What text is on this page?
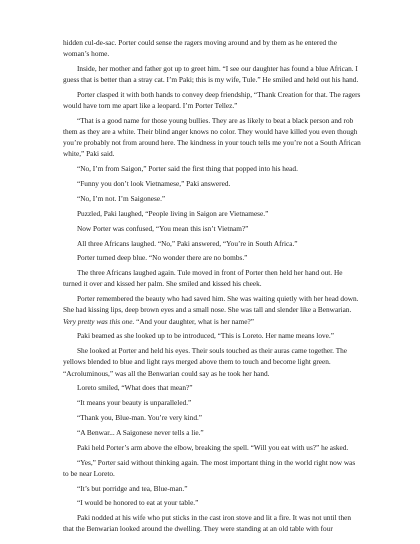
hidden cul-de-sac. Porter could sense the ragers moving around and by them as he entered the woman’s home.

Inside, her mother and father got up to greet him. “I see our daughter has found a blue African. I guess that is better than a stray cat. I’m Paki; this is my wife, Tule.” He smiled and held out his hand.

Porter clasped it with both hands to convey deep friendship, “Thank Creation for that. The ragers would have torn me apart like a leopard. I’m Porter Tellez.”

“That is a good name for those young bullies. They are as likely to beat a black person and rob them as they are a white. Their blind anger knows no color. They would have killed you even though you’re probably not from around here. The kindness in your touch tells me you’re not a South African white,” Paki said.

“No, I’m from Saigon,” Porter said the first thing that popped into his head.

“Funny you don’t look Vietnamese,” Paki answered.

“No, I’m not. I’m Saigonese.”

Puzzled, Paki laughed, “People living in Saigon are Vietnamese.”

Now Porter was confused, “You mean this isn’t Vietnam?”

All three Africans laughed. “No,” Paki answered, “You’re in South Africa.”

Porter turned deep blue. “No wonder there are no bombs.”

The three Africans laughed again. Tule moved in front of Porter then held her hand out. He turned it over and kissed her palm. She smiled and kissed his cheek.

Porter remembered the beauty who had saved him. She was waiting quietly with her head down. She had kissing lips, deep brown eyes and a small nose. She was tall and slender like a Benwarian. Very pretty was this one. “And your daughter, what is her name?”

Paki beamed as she looked up to be introduced, “This is Loreto. Her name means love.”

She looked at Porter and held his eyes. Their souls touched as their auras came together. The yellows blended to blue and light rays merged above them to touch and become light green. “Acroluminous,” was all the Benwarian could say as he took her hand.

Loreto smiled, “What does that mean?”

“It means your beauty is unparalleled.”

“Thank you, Blue-man. You’re very kind.”

“A Benwar... A Saigonese never tells a lie.”

Paki held Porter’s arm above the elbow, breaking the spell. “Will you eat with us?” he asked.

“Yes,” Porter said without thinking again. The most important thing in the world right now was to be near Loreto.

“It’s but porridge and tea, Blue-man.”

“I would be honored to eat at your table.”

Paki nodded at his wife who put sticks in the cast iron stove and lit a fire. It was not until then that the Benwarian looked around the dwelling. They were standing at an old table with four
